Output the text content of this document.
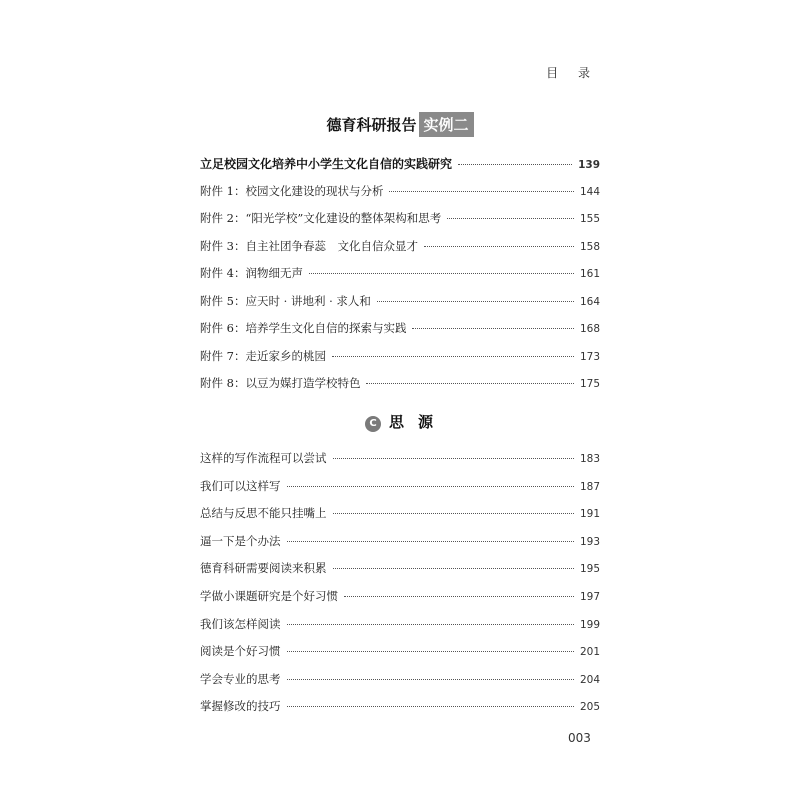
目 录
德育科研报告 实例二
立足校园文化培养中小学生文化自信的实践研究	139
附件 1：校园文化建设的现状与分析	144
附件 2：“阳光学校”文化建设的整体架构和思考	155
附件 3：自主社团争春蕊　文化自信众显才	158
附件 4：润物细无声	161
附件 5：应天时 · 讲地利 · 求人和	164
附件 6：培养学生文化自信的探索与实践	168
附件 7：走近家乡的桃园	173
附件 8：以豆为媒打造学校特色	175
C 思 源
这样的写作流程可以尝试	183
我们可以这样写	187
总结与反思不能只挂嘴上	191
逼一下是个办法	193
德育科研需要阅读来积累	195
学做小课题研究是个好习惯	197
我们该怎样阅读	199
阅读是个好习惯	201
学会专业的思考	204
掌握修改的技巧	205
003
